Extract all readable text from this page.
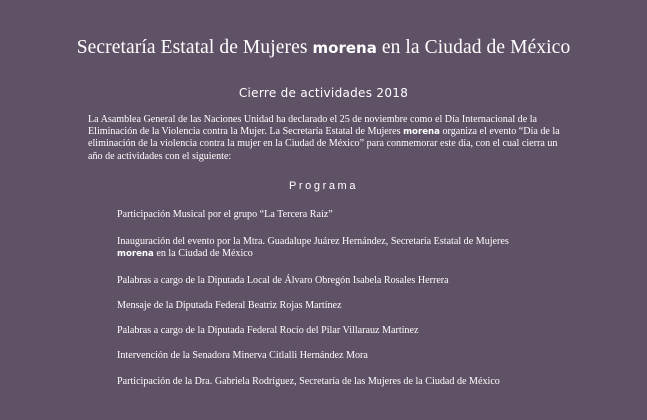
Secretaría Estatal de Mujeres morena en la Ciudad de México
Cierre de actividades 2018

La Asamblea General de las Naciones Unidad ha declarado el 25 de noviembre como el Día Internacional de la Eliminación de la Violencia contra la Mujer. La Secretaría Estatal de Mujeres morena organiza el evento “Día de la eliminación de la violencia contra la mujer en la Ciudad de México” para conmemorar este día, con el cual cierra un año de actividades con el siguiente:

Programa
Participación Musical por el grupo “La Tercera Raíz”
Inauguración del evento por la Mtra. Guadalupe Juárez Hernández, Secretaría Estatal de Mujeres morena en la Ciudad de México
Palabras a cargo de la Diputada Local de Álvaro Obregón Isabela Rosales Herrera
Mensaje de la Diputada Federal Beatriz Rojas Martínez
Palabras a cargo de la Diputada Federal Rocío del Pilar Villarauz Martínez
Intervención de la Senadora Minerva Citlalli Hernández Mora
Participación de la Dra. Gabriela Rodríguez, Secretaría de las Mujeres de la Ciudad de México
